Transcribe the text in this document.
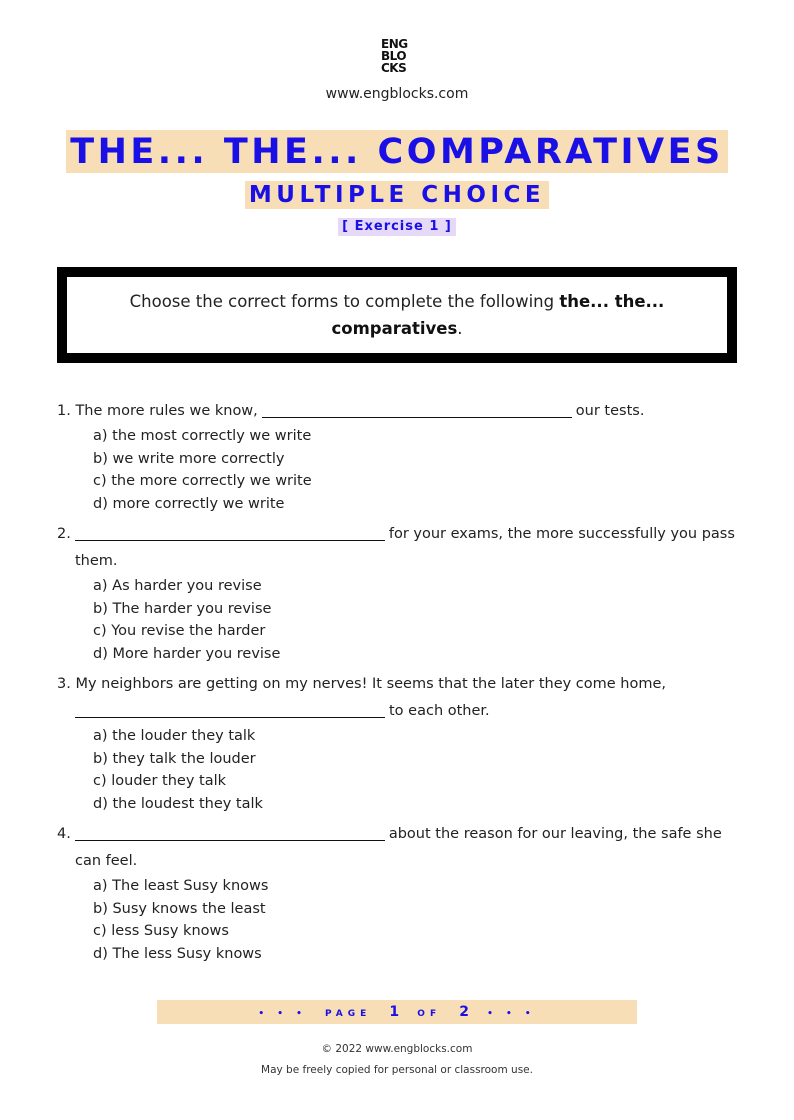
ENG
BLO
CKS
www.engblocks.com
THE... THE... COMPARATIVES
MULTIPLE CHOICE
[ Exercise 1 ]
Choose the correct forms to complete the following the... the...
comparatives.
1. The more rules we know,	our tests.
a) the most correctly we write
b) we write more correctly
c) the more correctly we write
d) more correctly we write
2.	for your exams, the more successfully you pass
them.
a) As harder you revise
b) The harder you revise
c) You revise the harder
d) More harder you revise
3. My neighbors are getting on my nerves! It seems that the later they come home,
to each other.
a) the louder they talk
b) they talk the louder
c) louder they talk
d) the loudest they talk
4.	about the reason for our leaving, the safe she
can feel.
a) The least Susy knows
b) Susy knows the least
c) less Susy knows
d) The less Susy knows
• • • PAGE 1 OF 2 • • •
© 2022 www.engblocks.com
May be freely copied for personal or classroom use.
